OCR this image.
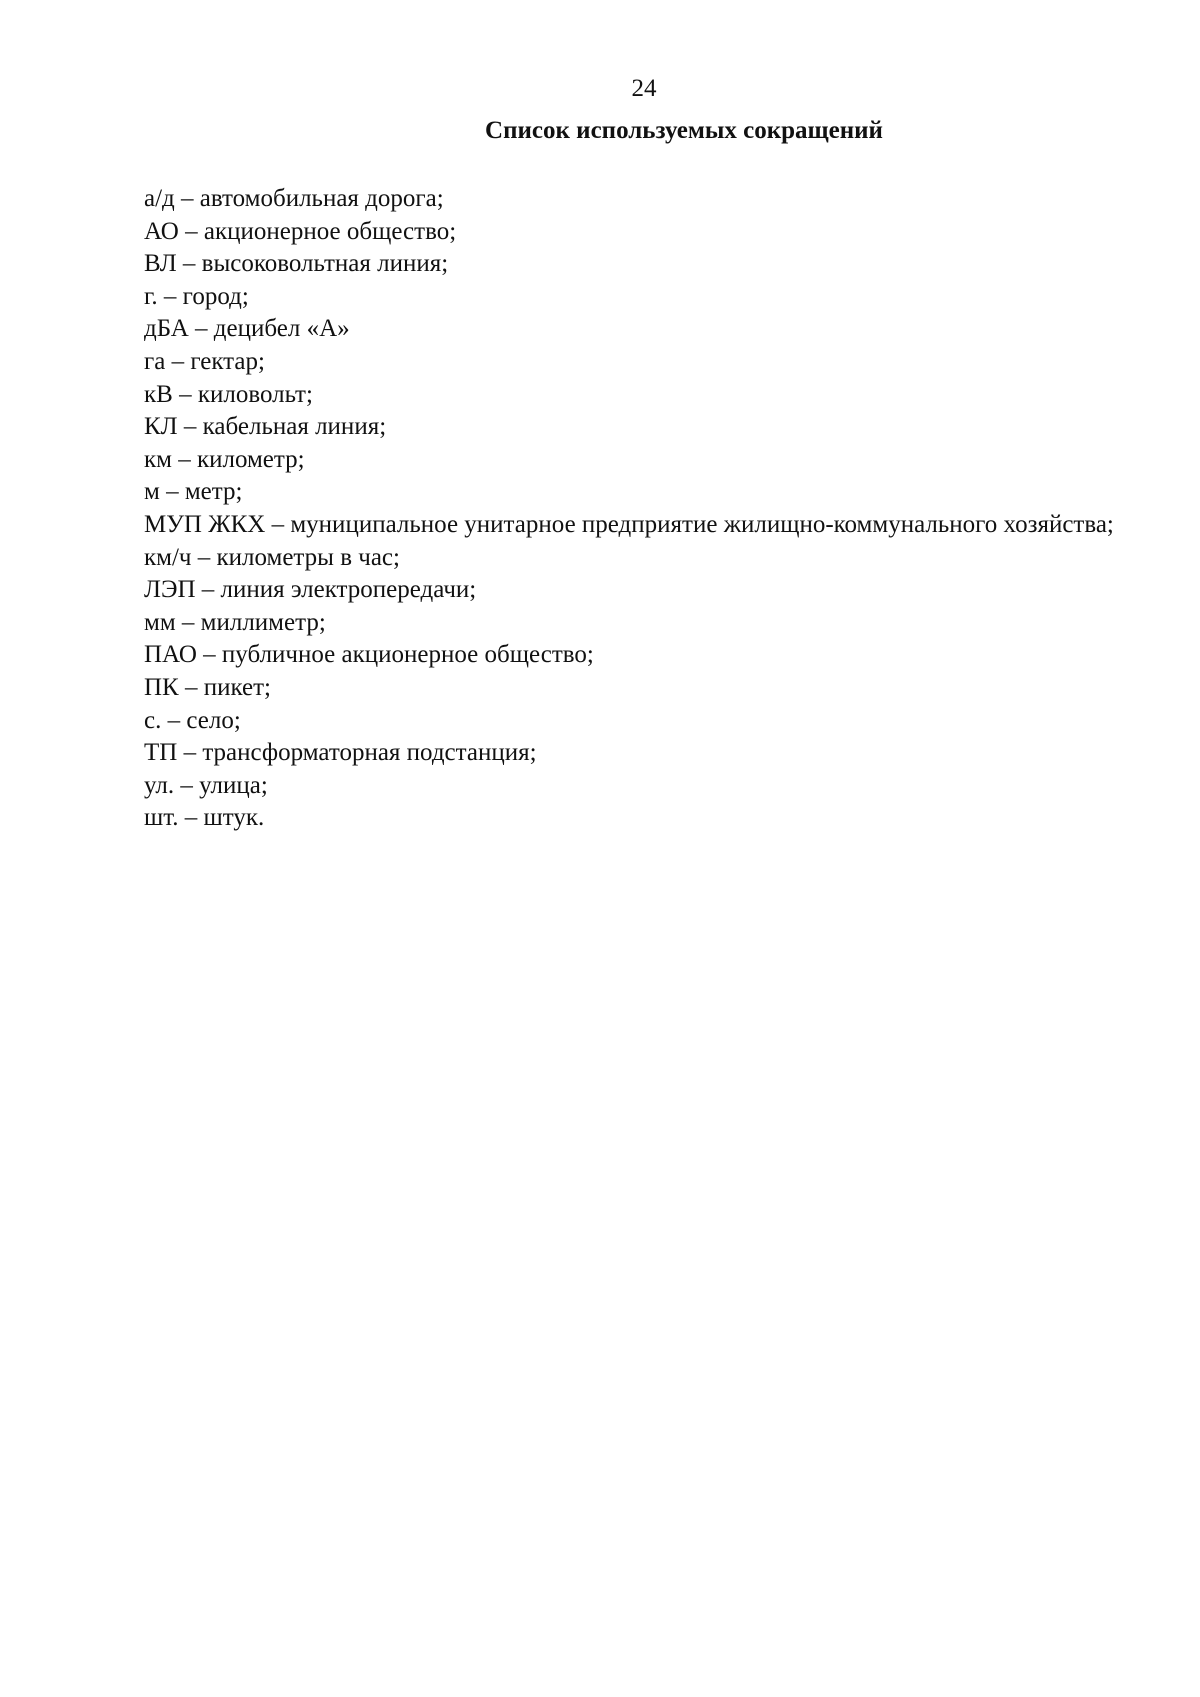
24
Список используемых сокращений
а/д – автомобильная дорога;
АО – акционерное общество;
ВЛ – высоковольтная линия;
г. – город;
дБА – децибел «А»
га – гектар;
кВ – киловольт;
КЛ – кабельная линия;
км – километр;
м – метр;
МУП ЖКХ – муниципальное унитарное предприятие жилищно-коммунального хозяйства;
км/ч – километры в час;
ЛЭП – линия электропередачи;
мм – миллиметр;
ПАО – публичное акционерное общество;
ПК – пикет;
с. – село;
ТП – трансформаторная подстанция;
ул. – улица;
шт. – штук.
